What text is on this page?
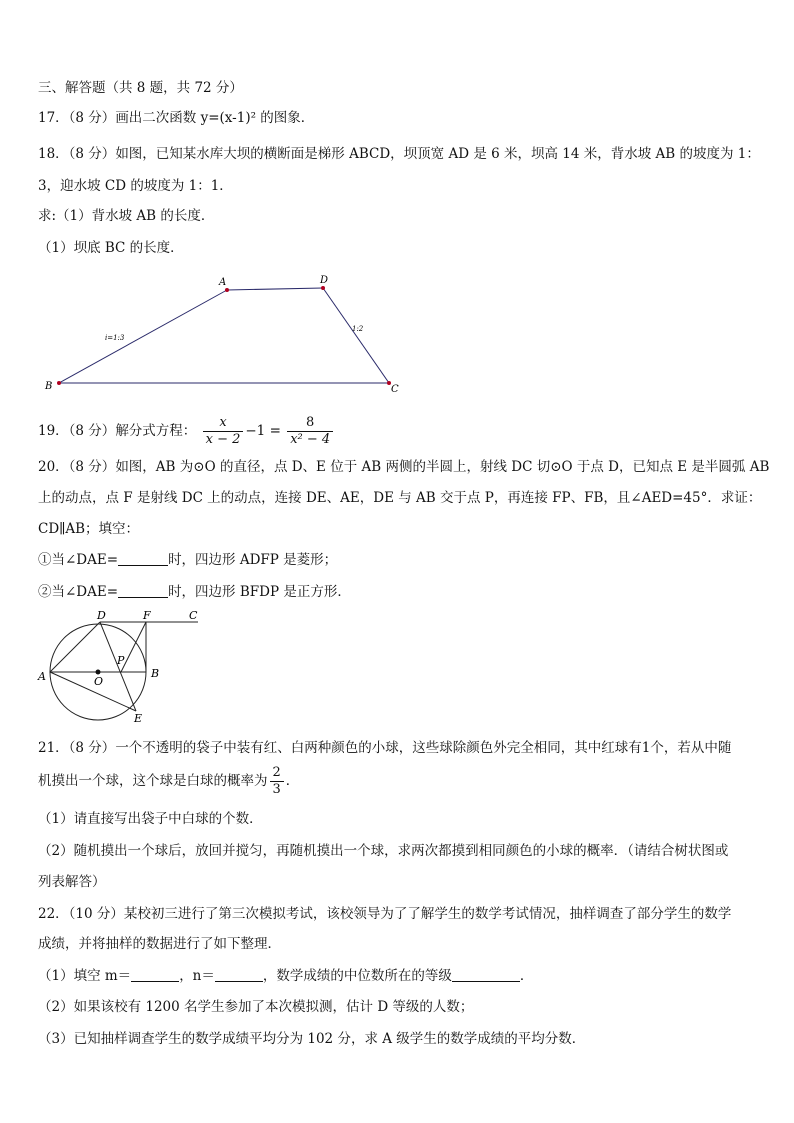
三、解答题（共 8 题，共 72 分）
17．（8 分）画出二次函数 y=(x-1)² 的图象．
18．（8 分）如图，已知某水库大坝的横断面是梯形 ABCD，坝顶宽 AD 是 6 米，坝高 14 米，背水坡 AB 的坡度为 1：
3，迎水坡 CD 的坡度为 1：1．
求:（1）背水坡 AB 的长度．
（1）坝底 BC 的长度．
A	D
B	C
i=1:3
1:2
19．（8 分）解分式方程： $\frac{x}{x - 2} -1 = \frac{8}{\text{x² − 4}}$
20．（8 分）如图，AB 为⊙O 的直径，点 D、E 位于 AB 两侧的半圆上，射线 DC 切⊙O 于点 D，已知点 E 是半圆弧 AB
上的动点，点 F 是射线 DC 上的动点，连接 DE、AE，DE 与 AB 交于点 P，再连接 FP、FB，且∠AED=45°．求证：
CD∥AB；填空：
①当∠DAE=	时，四边形 ADFP 是菱形；
②当∠DAE=	时，四边形 BFDP 是正方形．
A	B
C
D
E
F
O
P
21．（8 分）一个不透明的袋子中装有红、白两种颜色的小球，这些球除颜色外完全相同，其中红球有1个，若从中随
机摸出一个球，这个球是白球的概率为 $\frac{2}{3}$ ．
（1）请直接写出袋子中白球的个数．
（2）随机摸出一个球后，放回并搅匀，再随机摸出一个球，求两次都摸到相同颜色的小球的概率．（请结合树状图或
列表解答）
22．（10 分）某校初三进行了第三次模拟考试，该校领导为了了解学生的数学考试情况，抽样调查了部分学生的数学
成绩，并将抽样的数据进行了如下整理．
（1）填空 m＝	，n＝	，数学成绩的中位数所在的等级	．
（2）如果该校有 1200 名学生参加了本次模拟测，估计 D 等级的人数；
（3）已知抽样调查学生的数学成绩平均分为 102 分，求 A 级学生的数学成绩的平均分数．
